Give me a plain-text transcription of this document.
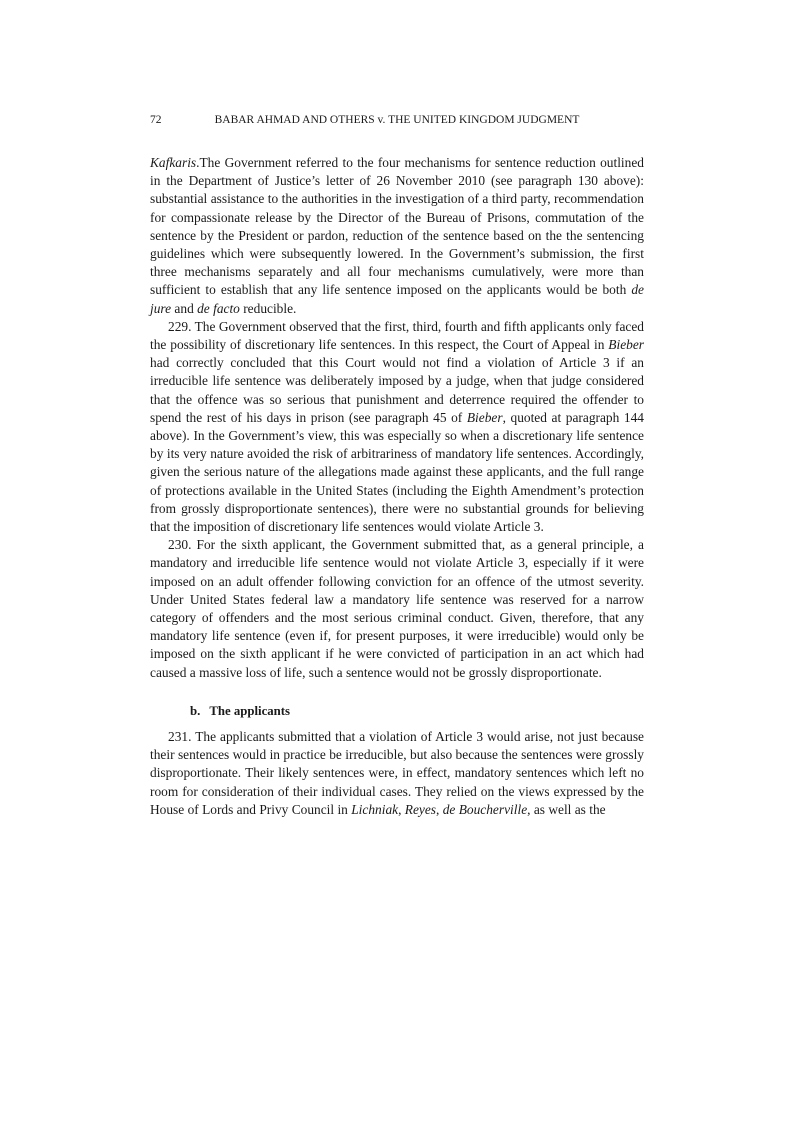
72	BABAR AHMAD AND OTHERS v. THE UNITED KINGDOM JUDGMENT

Kafkaris.The Government referred to the four mechanisms for sentence reduction outlined in the Department of Justice’s letter of 26 November 2010 (see paragraph 130 above): substantial assistance to the authorities in the investigation of a third party, recommendation for compassionate release by the Director of the Bureau of Prisons, commutation of the sentence by the President or pardon, reduction of the sentence based on the the sentencing guidelines which were subsequently lowered. In the Government’s submission, the first three mechanisms separately and all four mechanisms cumulatively, were more than sufficient to establish that any life sentence imposed on the applicants would be both de jure and de facto reducible.

229. The Government observed that the first, third, fourth and fifth applicants only faced the possibility of discretionary life sentences. In this respect, the Court of Appeal in Bieber had correctly concluded that this Court would not find a violation of Article 3 if an irreducible life sentence was deliberately imposed by a judge, when that judge considered that the offence was so serious that punishment and deterrence required the offender to spend the rest of his days in prison (see paragraph 45 of Bieber, quoted at paragraph 144 above). In the Government’s view, this was especially so when a discretionary life sentence by its very nature avoided the risk of arbitrariness of mandatory life sentences. Accordingly, given the serious nature of the allegations made against these applicants, and the full range of protections available in the United States (including the Eighth Amendment’s protection from grossly disproportionate sentences), there were no substantial grounds for believing that the imposition of discretionary life sentences would violate Article 3.

230. For the sixth applicant, the Government submitted that, as a general principle, a mandatory and irreducible life sentence would not violate Article 3, especially if it were imposed on an adult offender following conviction for an offence of the utmost severity. Under United States federal law a mandatory life sentence was reserved for a narrow category of offenders and the most serious criminal conduct. Given, therefore, that any mandatory life sentence (even if, for present purposes, it were irreducible) would only be imposed on the sixth applicant if he were convicted of participation in an act which had caused a massive loss of life, such a sentence would not be grossly disproportionate.

b. The applicants

231. The applicants submitted that a violation of Article 3 would arise, not just because their sentences would in practice be irreducible, but also because the sentences were grossly disproportionate. Their likely sentences were, in effect, mandatory sentences which left no room for consideration of their individual cases. They relied on the views expressed by the House of Lords and Privy Council in Lichniak, Reyes, de Boucherville, as well as the
